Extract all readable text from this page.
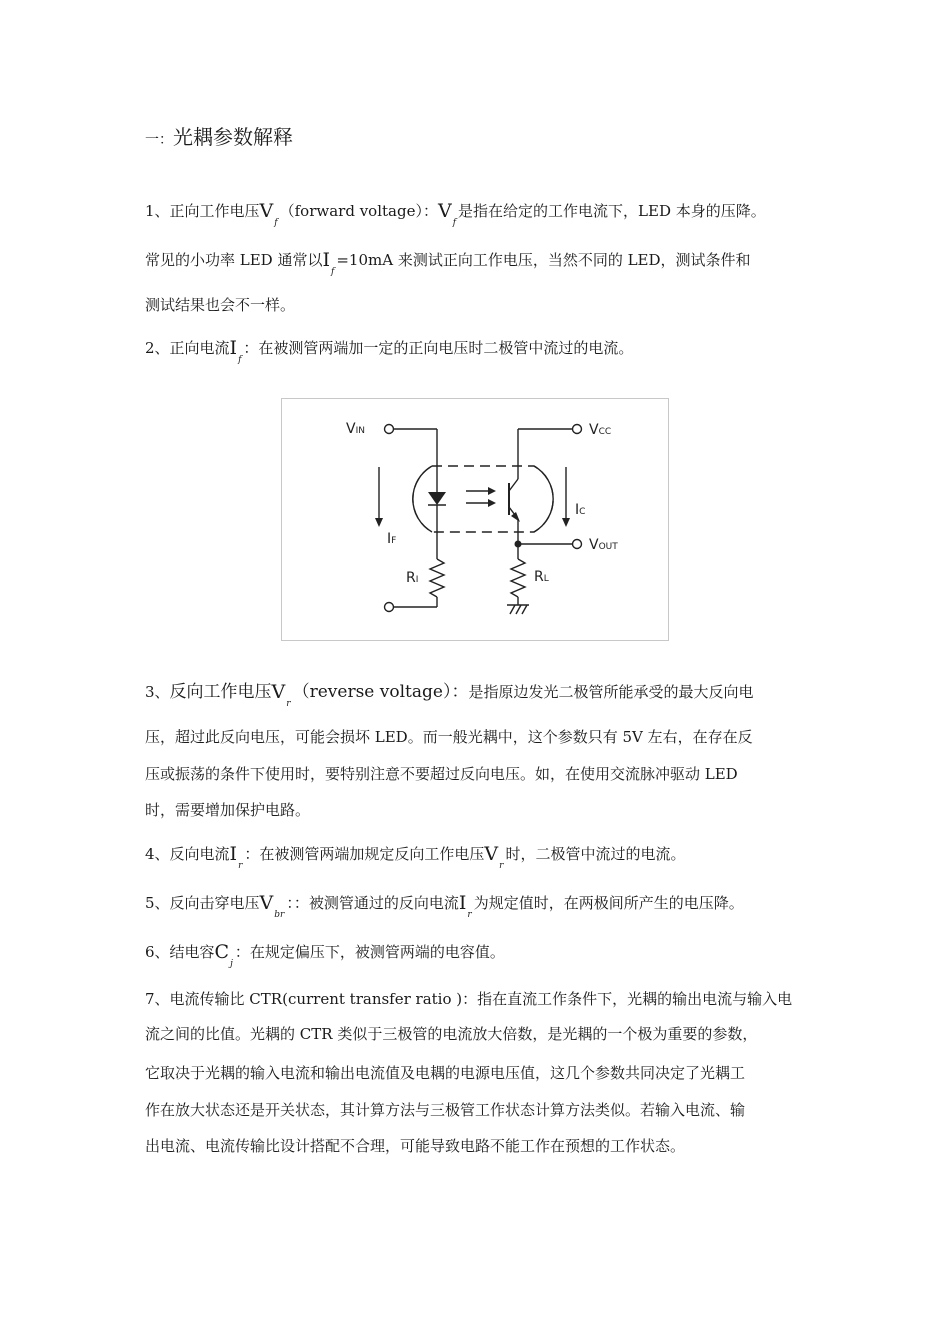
一：光耦参数解释
1、正向工作电压$V_f(forward$ voltage）：$V_f$是指在给定的工作电流下，LED 本身的压降。
常见的小功率 LED 通常以$I_f=10mA$ 来测试正向工作电压，当然不同的 LED，测试条件和
测试结果也会不一样。
2、正向电流$I_f$：在被测管两端加一定的正向电压时二极管中流过的电流。
VIN	VCC
VOUT
IF
IC
RI	RL
3、反向工作电压$V_r(reverse$ voltage）：是指原边发光二极管所能承受的最大反向电
压，超过此反向电压，可能会损坏 LED。而一般光耦中，这个参数只有 5V 左右，在存在反
压或振荡的条件下使用时，要特别注意不要超过反向电压。如，在使用交流脉冲驱动 LED
时，需要增加保护电路。
4、反向电流$I_r$：在被测管两端加规定反向工作电压$V_r$时，二极管中流过的电流。
5、反向击穿电压$V_{br}$：：被测管通过的反向电流$I_r$为规定值时，在两极间所产生的电压降。
6、结电容$C_j$：在规定偏压下，被测管两端的电容值。
7、电流传输比 CTR(current transfer ratio )：指在直流工作条件下，光耦的输出电流与输入电
流之间的比值。光耦的 CTR 类似于三极管的电流放大倍数，是光耦的一个极为重要的参数，
它取决于光耦的输入电流和输出电流值及电耦的电源电压值，这几个参数共同决定了光耦工
作在放大状态还是开关状态，其计算方法与三极管工作状态计算方法类似。若输入电流、输
出电流、电流传输比设计搭配不合理，可能导致电路不能工作在预想的工作状态。
